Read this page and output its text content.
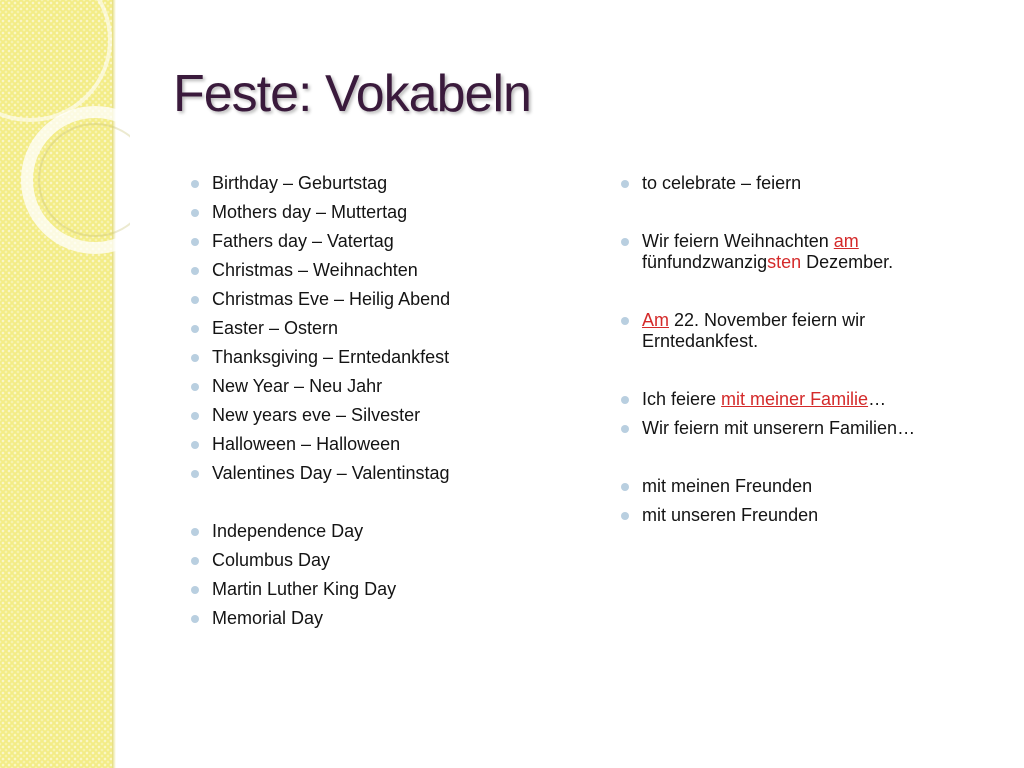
Feste: Vokabeln
Birthday – Geburtstag
Mothers day – Muttertag
Fathers day – Vatertag
Christmas – Weihnachten
Christmas Eve – Heilig Abend
Easter – Ostern
Thanksgiving – Erntedankfest
New Year – Neu Jahr
New years eve – Silvester
Halloween – Halloween
Valentines Day – Valentinstag
Independence Day
Columbus Day
Martin Luther King Day
Memorial Day
to celebrate – feiern
Wir feiern Weihnachten am fünfundzwanzigsten Dezember.
Am 22. November feiern wir Erntedankfest.
Ich feiere mit meiner Familie…
Wir feiern mit unserern Familien…
mit meinen Freunden
mit unseren Freunden
